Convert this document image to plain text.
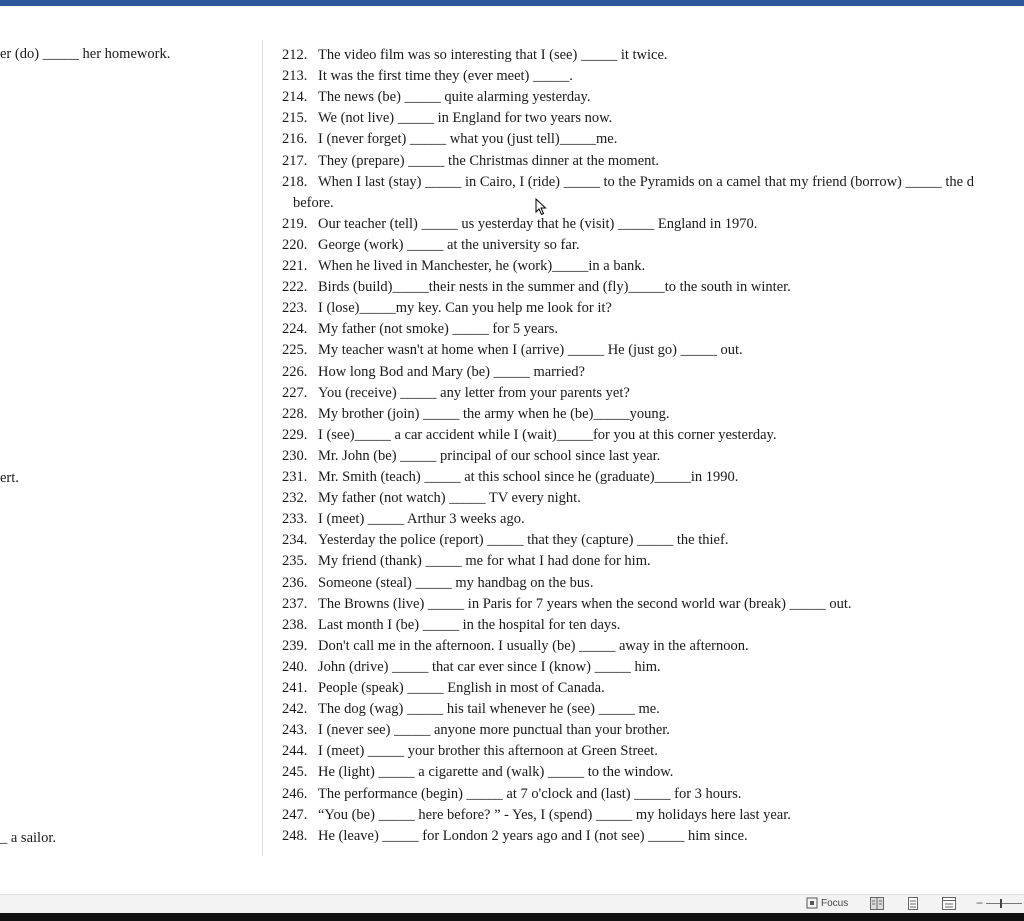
er (do) _____ her homework.
ert.
_ a sailor.
212. The video film was so interesting that I (see) _____ it twice.
213. It was the first time they (ever meet) _____.
214. The news (be) _____ quite alarming yesterday.
215. We (not live) _____ in England for two years now.
216. I (never forget) _____ what you (just tell)_____me.
217. They (prepare) _____ the Christmas dinner at the moment.
218. When I last (stay) _____ in Cairo, I (ride) _____ to the Pyramids on a camel that my friend (borrow) _____ the d
before.
219. Our teacher (tell) _____ us yesterday that he (visit) _____ England in 1970.
220. George (work) _____ at the university so far.
221. When he lived in Manchester, he (work)_____in a bank.
222. Birds (build)_____their nests in the summer and (fly)_____to the south in winter.
223. I (lose)_____my key. Can you help me look for it?
224. My father (not smoke) _____ for 5 years.
225. My teacher wasn't at home when I (arrive) _____ He (just go) _____ out.
226. How long Bod and Mary (be) _____ married?
227. You (receive) _____ any letter from your parents yet?
228. My brother (join) _____ the army when he (be)_____young.
229. I (see)_____ a car accident while I (wait)_____for you at this corner yesterday.
230. Mr. John (be) _____ principal of our school since last year.
231. Mr. Smith (teach) _____ at this school since he (graduate)_____in 1990.
232. My father (not watch) _____ TV every night.
233. I (meet) _____ Arthur 3 weeks ago.
234. Yesterday the police (report) _____ that they (capture) _____ the thief.
235. My friend (thank) _____ me for what I had done for him.
236. Someone (steal) _____ my handbag on the bus.
237. The Browns (live) _____ in Paris for 7 years when the second world war (break) _____ out.
238. Last month I (be) _____ in the hospital for ten days.
239. Don't call me in the afternoon. I usually (be) _____ away in the afternoon.
240. John (drive) _____ that car ever since I (know) _____ him.
241. People (speak) _____ English in most of Canada.
242. The dog (wag) _____ his tail whenever he (see) _____ me.
243. I (never see) _____ anyone more punctual than your brother.
244. I (meet) _____ your brother this afternoon at Green Street.
245. He (light) _____ a cigarette and (walk) _____ to the window.
246. The performance (begin) _____ at 7 o'clock and (last) _____ for 3 hours.
247. “You (be) _____ here before? ” - Yes, I (spend) _____ my holidays here last year.
248. He (leave) _____ for London 2 years ago and I (not see) _____ him since.
Focus	−
